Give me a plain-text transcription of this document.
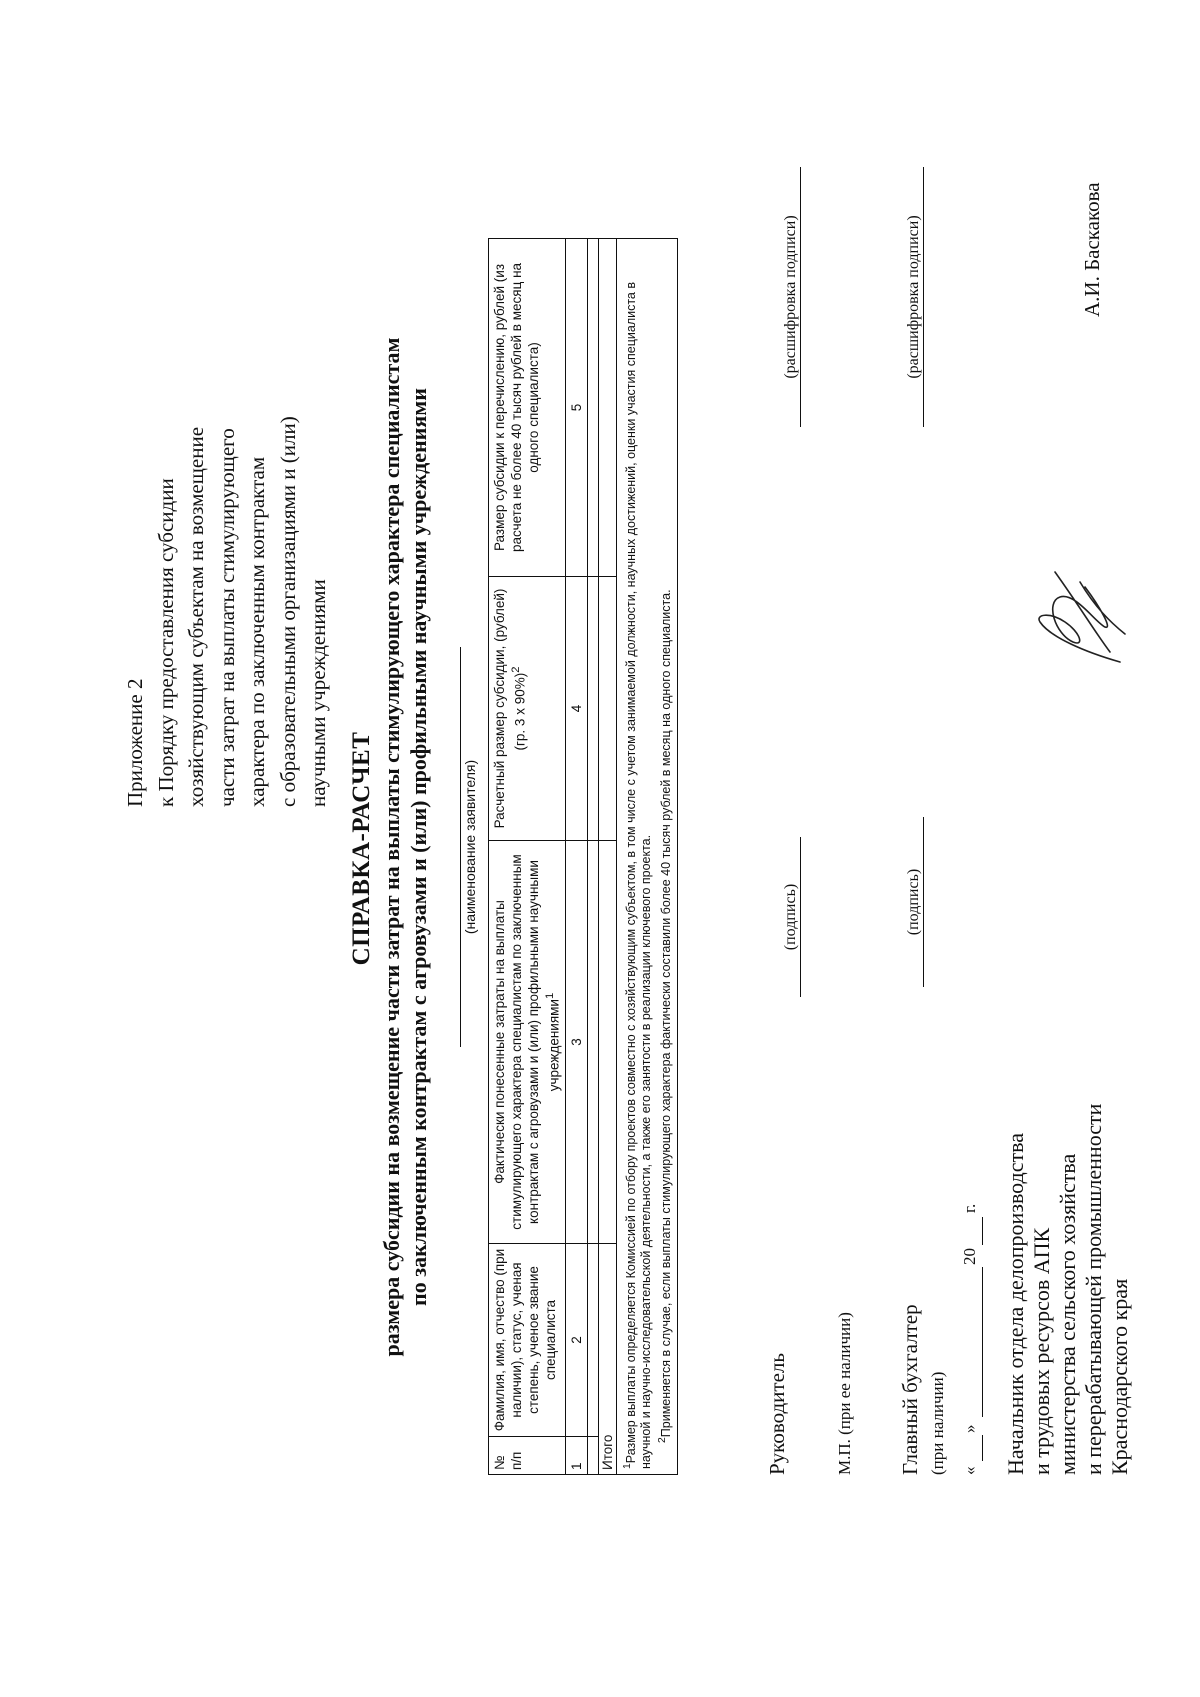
Приложение 2 к Порядку предоставления субсидии хозяйствующим субъектам на возмещение части затрат на выплаты стимулирующего характера по заключенным контрактам с образовательными организациями и (или) научными учреждениями
СПРАВКА-РАСЧЕТ размера субсидии на возмещение части затрат на выплаты стимулирующего характера специалистам по заключенным контрактам с агровузами и (или) профильными научными учреждениями (наименование заявителя)
№ п/п	Фамилия, имя, отчество (при наличии), статус, ученая степень, ученое звание специалиста	Фактически понесенные затраты на выплаты стимулирующего характера специалистам по заключенным контрактам с агровузами и (или) профильными научными учреждениями$^1$	Расчетный размер субсидии, (рублей) (гр. 3 х 90%)$^2$	Размер субсидии к перечислению, рублей (из расчета не более 40 тысяч рублей в месяц на одного специалиста)
1	2	3	4	5

Итого				

$^1$Размер выплаты определяется Комиссией по отбору проектов совместно с хозяйствующим субъектом, в том числе с учетом занимаемой должности, научных достижений, оценки участия специалиста в научной и научно-исследовательской деятельности, а также его занятости в реализации ключевого проекта. $^2$Применяется в случае, если выплаты стимулирующего характера фактически составили более 40 тысяч рублей в месяц на одного специалиста.					Руководитель
(подпись)
(расшифровка подписи)
М.П. (при ее наличии) Главный бухгалтер
(подпись)
(расшифровка подписи)
(при наличии) «
»
20
г. Начальник отдела делопроизводства и трудовых ресурсов АПК министерства сельского хозяйства и перерабатывающей промышленности Краснодарского края
А.И. Баскакова
